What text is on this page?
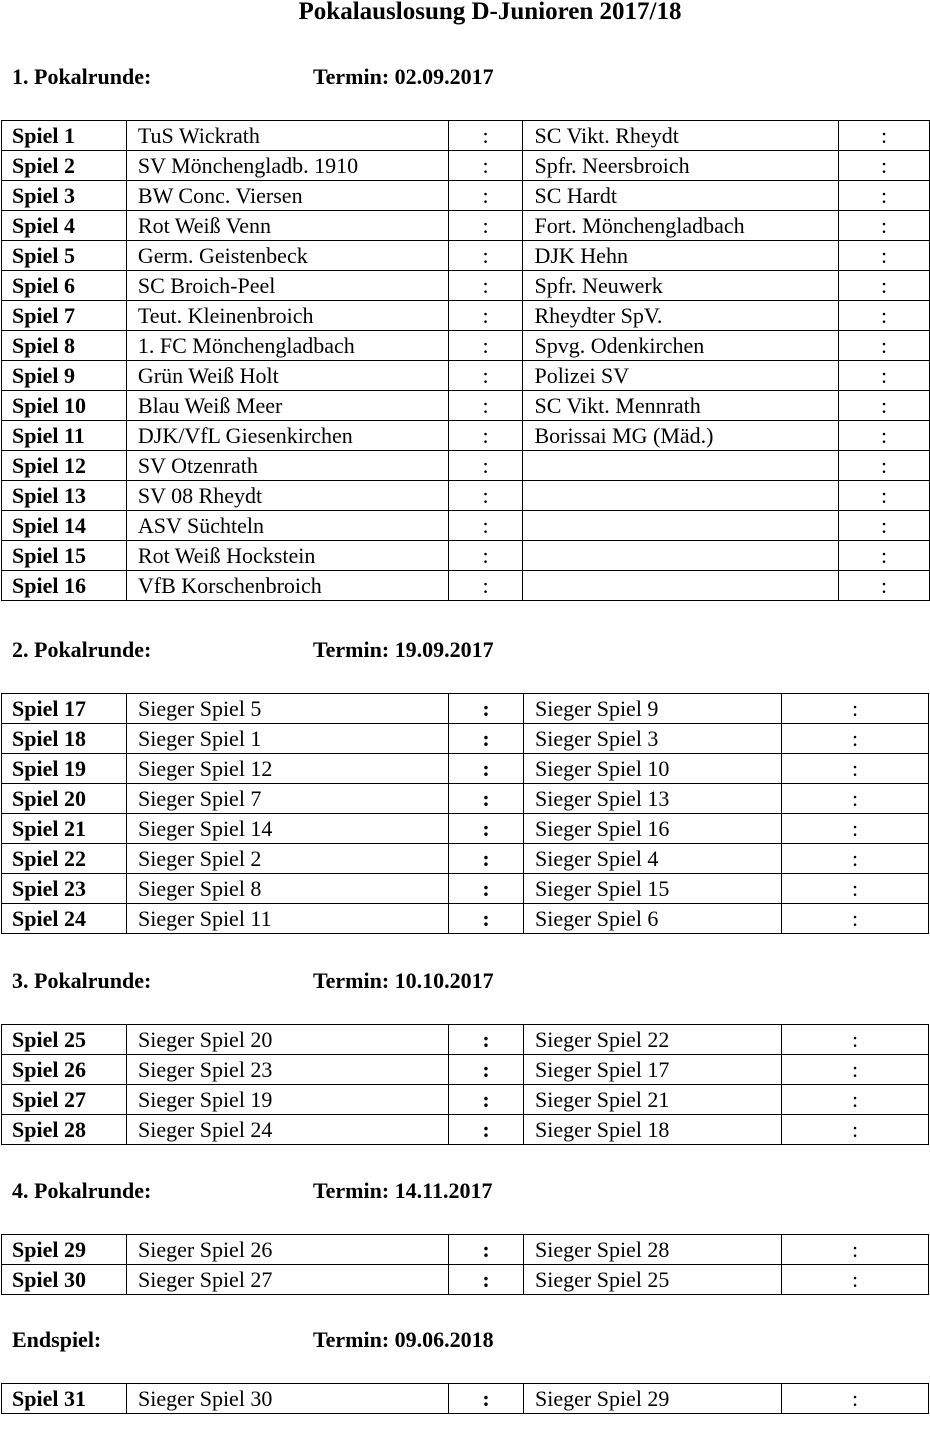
Pokalauslosung D-Junioren 2017/18
1. Pokalrunde:	Termin: 02.09.2017
Spiel 1	TuS Wickrath	:	SC Vikt. Rheydt	:
Spiel 2	SV Mönchengladb. 1910	:	Spfr. Neersbroich	:
Spiel 3	BW Conc. Viersen	:	SC Hardt	:
Spiel 4	Rot Weiß Venn	:	Fort. Mönchengladbach	:
Spiel 5	Germ. Geistenbeck	:	DJK Hehn	:
Spiel 6	SC Broich-Peel	:	Spfr. Neuwerk	:
Spiel 7	Teut. Kleinenbroich	:	Rheydter SpV.	:
Spiel 8	1. FC Mönchengladbach	:	Spvg. Odenkirchen	:
Spiel 9	Grün Weiß Holt	:	Polizei SV	:
Spiel 10	Blau Weiß Meer	:	SC Vikt. Mennrath	:
Spiel 11	DJK/VfL Giesenkirchen	:	Borissai MG (Mäd.)	:
Spiel 12	SV Otzenrath	:		:
Spiel 13	SV 08 Rheydt	:		:
Spiel 14	ASV Süchteln	:		:
Spiel 15	Rot Weiß Hockstein	:		:
Spiel 16	VfB Korschenbroich	:		:
2. Pokalrunde:	Termin: 19.09.2017
Spiel 17	Sieger Spiel 5	:	Sieger Spiel 9	:
Spiel 18	Sieger Spiel 1	:	Sieger Spiel 3	:
Spiel 19	Sieger Spiel 12	:	Sieger Spiel 10	:
Spiel 20	Sieger Spiel 7	:	Sieger Spiel 13	:
Spiel 21	Sieger Spiel 14	:	Sieger Spiel 16	:
Spiel 22	Sieger Spiel 2	:	Sieger Spiel 4	:
Spiel 23	Sieger Spiel 8	:	Sieger Spiel 15	:
Spiel 24	Sieger Spiel 11	:	Sieger Spiel 6	:
3. Pokalrunde:	Termin: 10.10.2017
Spiel 25	Sieger Spiel 20	:	Sieger Spiel 22	:
Spiel 26	Sieger Spiel 23	:	Sieger Spiel 17	:
Spiel 27	Sieger Spiel 19	:	Sieger Spiel 21	:
Spiel 28	Sieger Spiel 24	:	Sieger Spiel 18	:
4. Pokalrunde:	Termin: 14.11.2017
Spiel 29	Sieger Spiel 26	:	Sieger Spiel 28	:
Spiel 30	Sieger Spiel 27	:	Sieger Spiel 25	:
Endspiel:	Termin: 09.06.2018
Spiel 31	Sieger Spiel 30	:	Sieger Spiel 29	:
